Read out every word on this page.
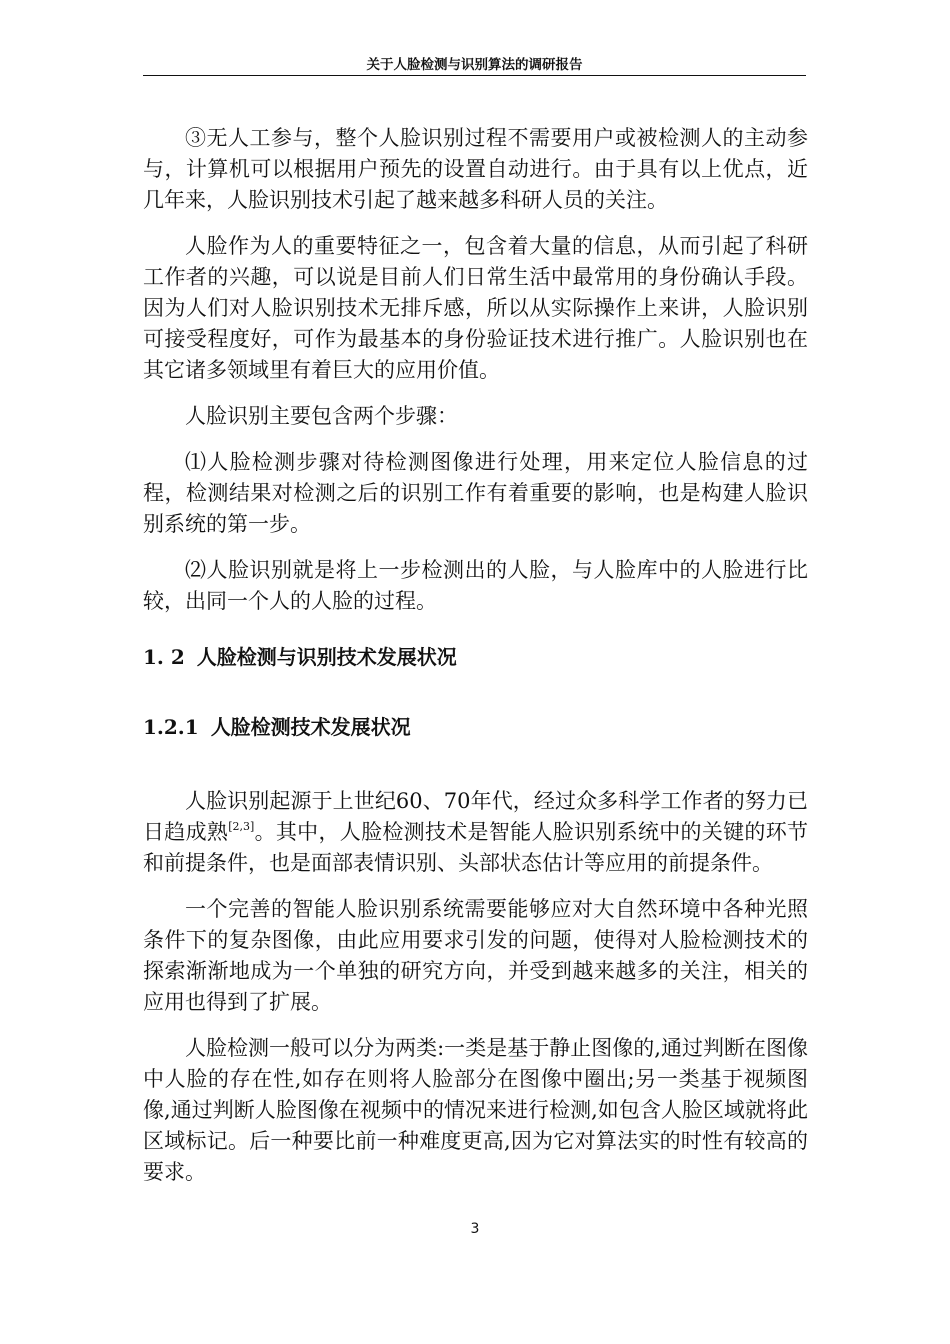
关于人脸检测与识别算法的调研报告

③无人工参与，整个人脸识别过程不需要用户或被检测人的主动参与，计算机可以根据用户预先的设置自动进行。由于具有以上优点，近几年来，人脸识别技术引起了越来越多科研人员的关注。

人脸作为人的重要特征之一，包含着大量的信息，从而引起了科研工作者的兴趣，可以说是目前人们日常生活中最常用的身份确认手段。因为人们对人脸识别技术无排斥感，所以从实际操作上来讲，人脸识别可接受程度好，可作为最基本的身份验证技术进行推广。人脸识别也在其它诸多领域里有着巨大的应用价值。

人脸识别主要包含两个步骤：

⑴人脸检测步骤对待检测图像进行处理，用来定位人脸信息的过程，检测结果对检测之后的识别工作有着重要的影响，也是构建人脸识别系统的第一步。

⑵人脸识别就是将上一步检测出的人脸，与人脸库中的人脸进行比较，出同一个人的人脸的过程。

1. 2 人脸检测与识别技术发展状况
1.2.1 人脸检测技术发展状况

人脸识别起源于上世纪60、70年代，经过众多科学工作者的努力已日趋成熟[2,3]。其中，人脸检测技术是智能人脸识别系统中的关键的环节和前提条件，也是面部表情识别、头部状态估计等应用的前提条件。

一个完善的智能人脸识别系统需要能够应对大自然环境中各种光照条件下的复杂图像，由此应用要求引发的问题，使得对人脸检测技术的探索渐渐地成为一个单独的研究方向，并受到越来越多的关注，相关的应用也得到了扩展。

人脸检测一般可以分为两类:一类是基于静止图像的,通过判断在图像中人脸的存在性,如存在则将人脸部分在图像中圈出;另一类基于视频图像,通过判断人脸图像在视频中的情况来进行检测,如包含人脸区域就将此区域标记。后一种要比前一种难度更高,因为它对算法实的时性有较高的要求。

3
